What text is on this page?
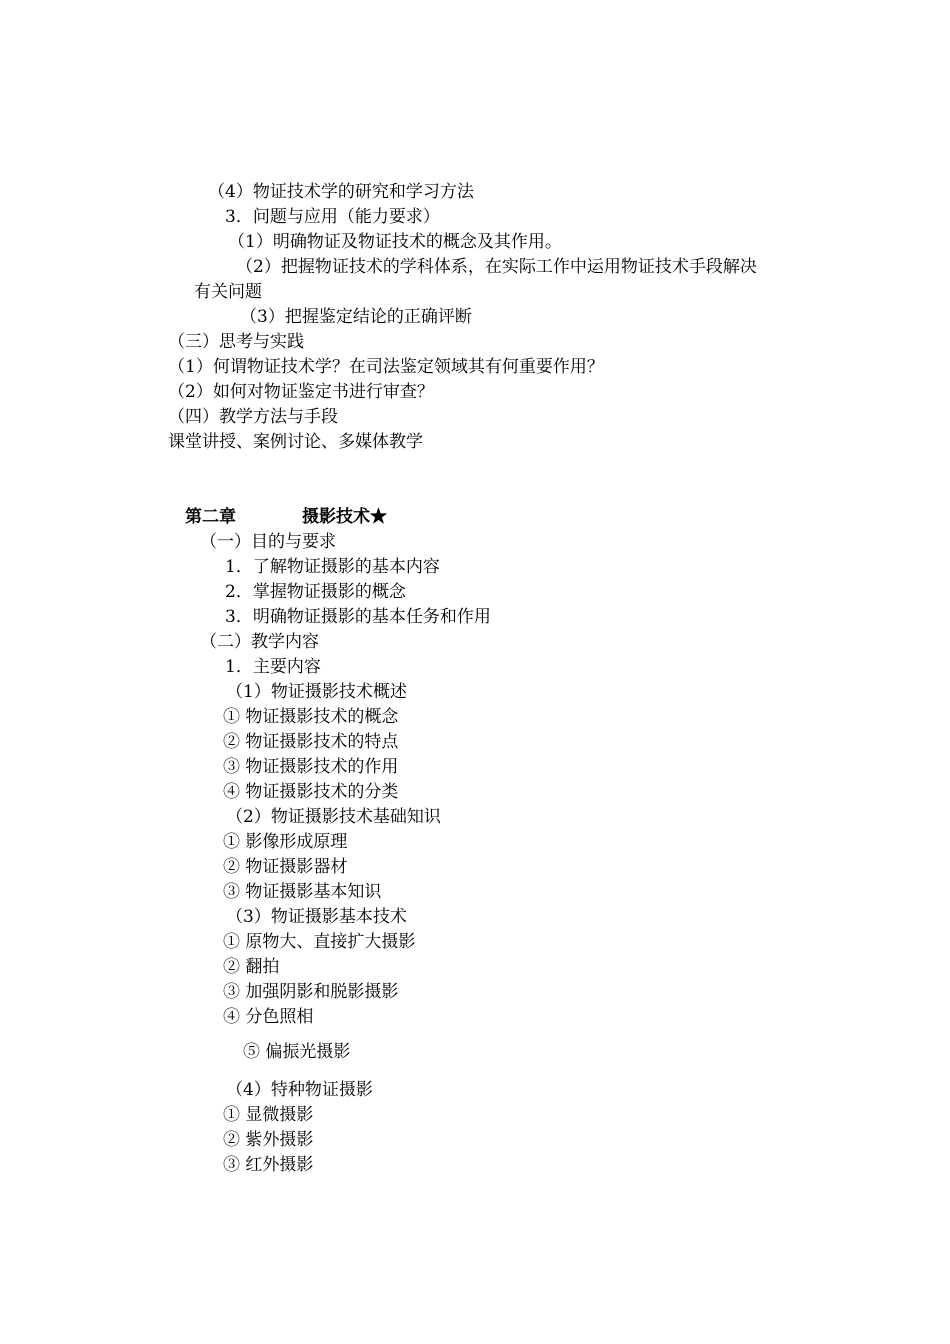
（4）物证技术学的研究和学习方法
3．问题与应用（能力要求）
（1）明确物证及物证技术的概念及其作用。
（2）把握物证技术的学科体系，在实际工作中运用物证技术手段解决
有关问题
（3）把握鉴定结论的正确评断
（三）思考与实践
（1）何谓物证技术学？在司法鉴定领域其有何重要作用？
（2）如何对物证鉴定书进行审查？
（四）教学方法与手段
课堂讲授、案例讨论、多媒体教学
第二章	摄影技术★
（一）目的与要求
1．了解物证摄影的基本内容
2．掌握物证摄影的概念
3．明确物证摄影的基本任务和作用
（二）教学内容
1．主要内容
（1）物证摄影技术概述
① 物证摄影技术的概念
② 物证摄影技术的特点
③ 物证摄影技术的作用
④ 物证摄影技术的分类
（2）物证摄影技术基础知识
① 影像形成原理
② 物证摄影器材
③ 物证摄影基本知识
（3）物证摄影基本技术
① 原物大、直接扩大摄影
② 翻拍
③ 加强阴影和脱影摄影
④ 分色照相
⑤ 偏振光摄影
（4）特种物证摄影
① 显微摄影
② 紫外摄影
③ 红外摄影
